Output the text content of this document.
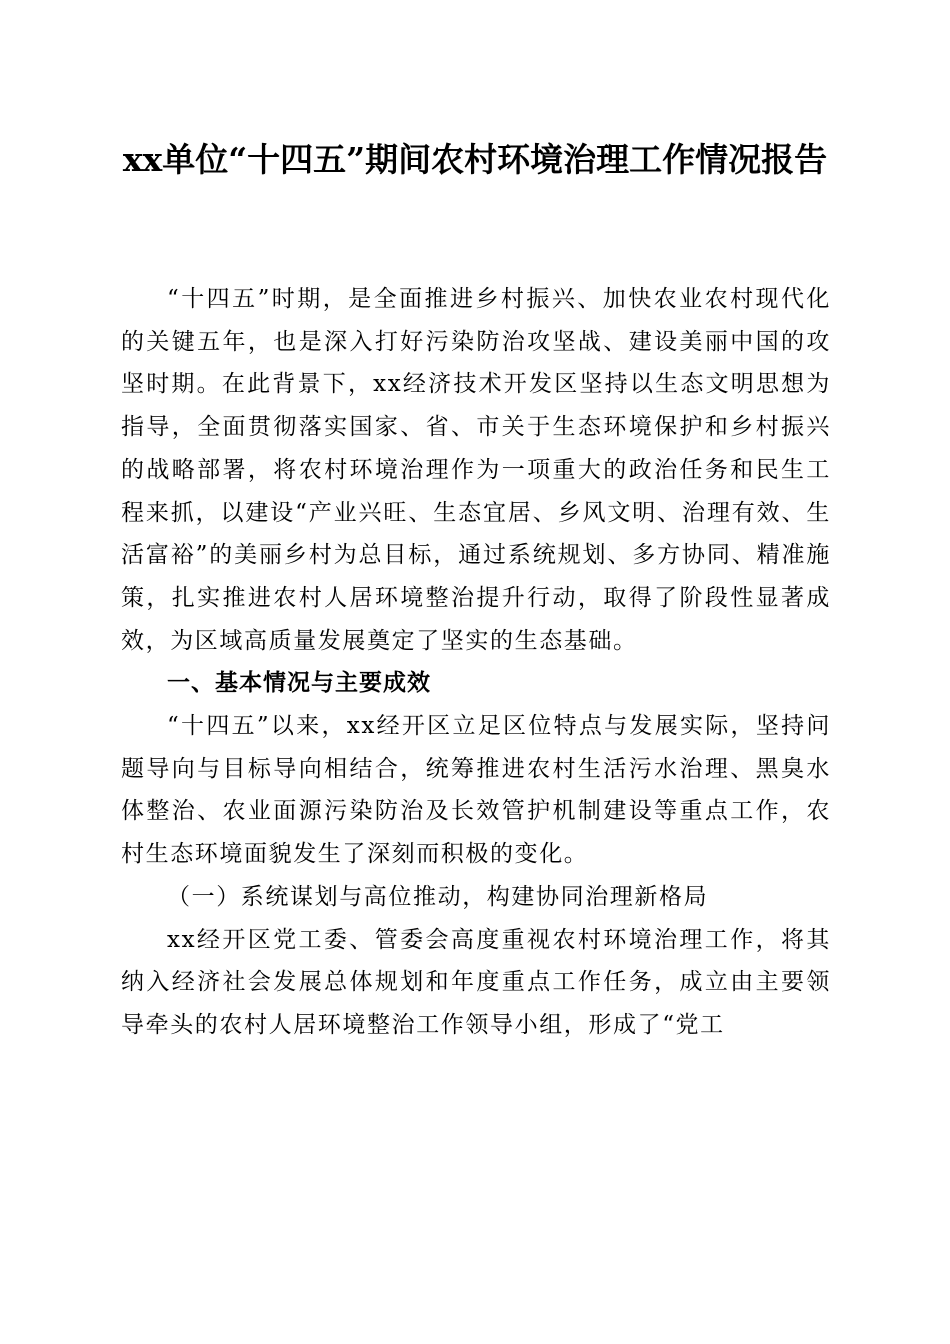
xx单位“十四五”期间农村环境治理工作情况报告

“十四五”时期，是全面推进乡村振兴、加快农业农村现代化的关键五年，也是深入打好污染防治攻坚战、建设美丽中国的攻坚时期。在此背景下，xx经济技术开发区坚持以生态文明思想为指导，全面贯彻落实国家、省、市关于生态环境保护和乡村振兴的战略部署，将农村环境治理作为一项重大的政治任务和民生工程来抓，以建设“产业兴旺、生态宜居、乡风文明、治理有效、生活富裕”的美丽乡村为总目标，通过系统规划、多方协同、精准施策，扎实推进农村人居环境整治提升行动，取得了阶段性显著成效，为区域高质量发展奠定了坚实的生态基础。

一、基本情况与主要成效

“十四五”以来，xx经开区立足区位特点与发展实际，坚持问题导向与目标导向相结合，统筹推进农村生活污水治理、黑臭水体整治、农业面源污染防治及长效管护机制建设等重点工作，农村生态环境面貌发生了深刻而积极的变化。

（一）系统谋划与高位推动，构建协同治理新格局

xx经开区党工委、管委会高度重视农村环境治理工作，将其纳入经济社会发展总体规划和年度重点工作任务，成立由主要领导牵头的农村人居环境整治工作领导小组，形成了“党工
